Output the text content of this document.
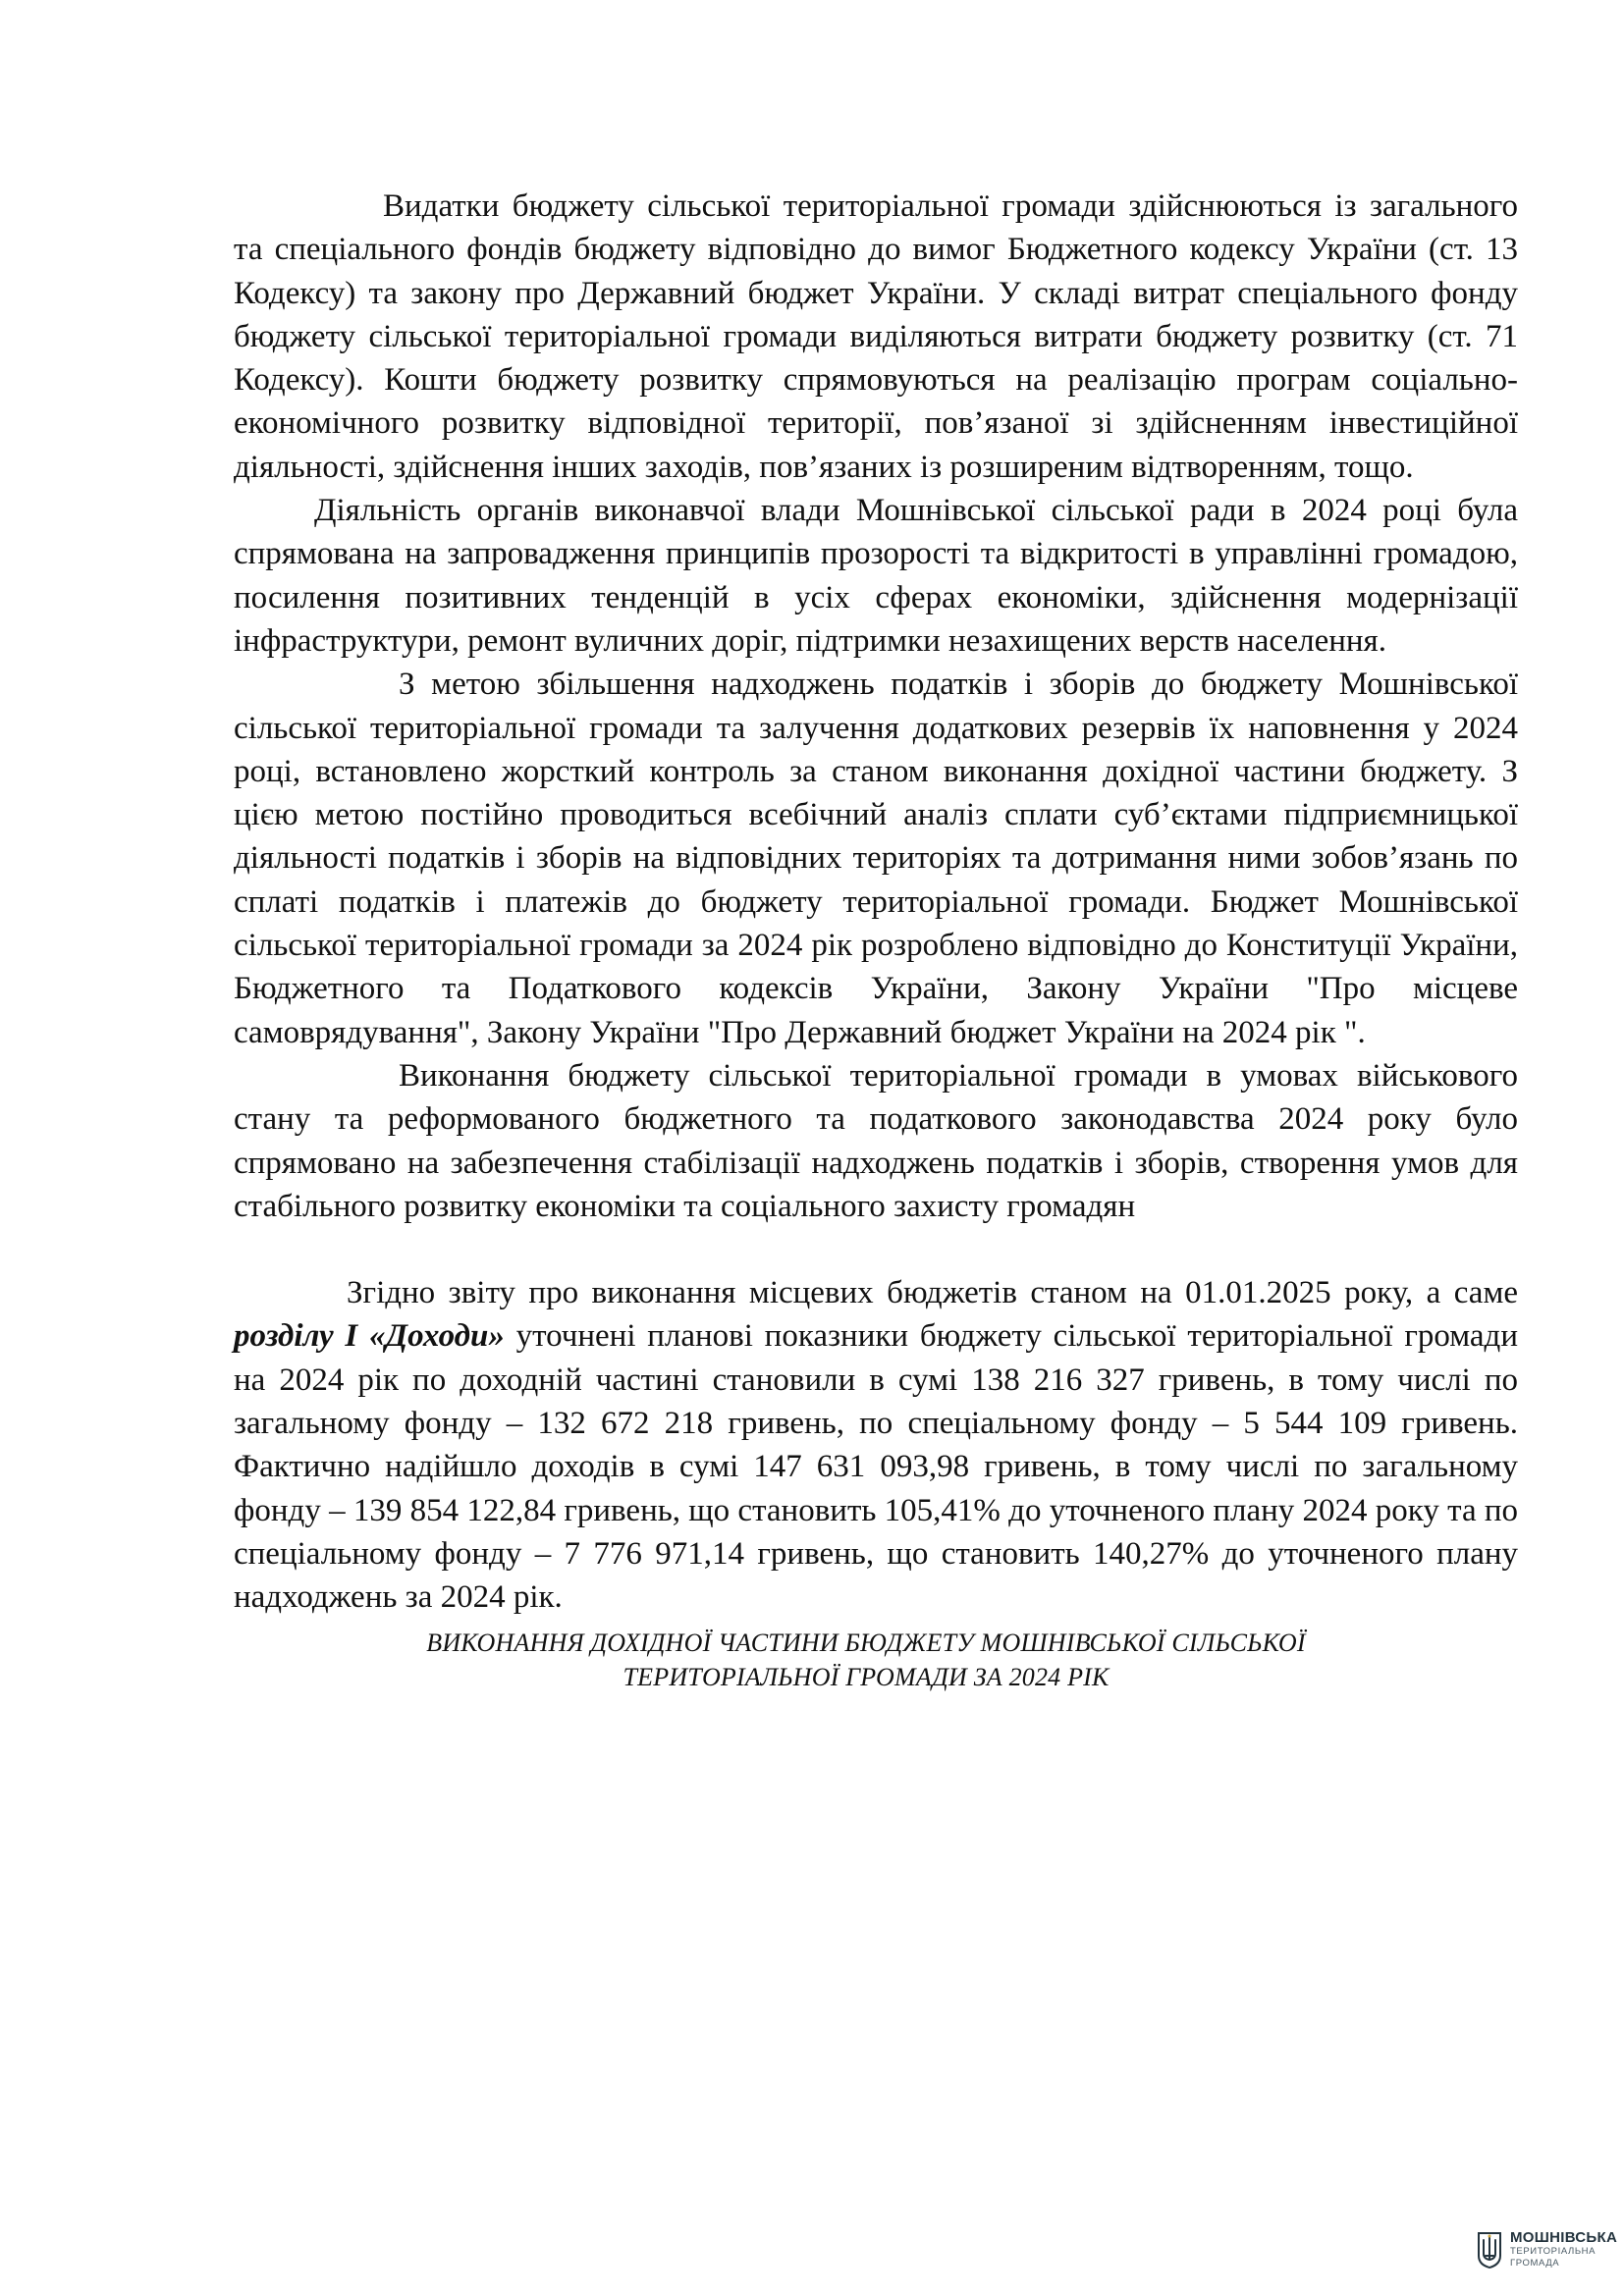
Видатки бюджету сільської територіальної громади здійснюються із загального та спеціального фондів бюджету відповідно до вимог Бюджетного кодексу України (ст. 13 Кодексу) та закону про Державний бюджет України. У складі витрат спеціального фонду бюджету сільської територіальної громади виділяються витрати бюджету розвитку (ст. 71 Кодексу). Кошти бюджету розвитку спрямовуються на реалізацію програм соціально-економічного розвитку відповідної території, пов’язаної зі здійсненням інвестиційної діяльності, здійснення інших заходів, пов’язаних із розширеним відтворенням, тощо.

Діяльність органів виконавчої влади Мошнівської сільської ради в 2024 році була спрямована на запровадження принципів прозорості та відкритості в управлінні громадою, посилення позитивних тенденцій в усіх сферах економіки, здійснення модернізації інфраструктури, ремонт вуличних доріг, підтримки незахищених верств населення.

З метою збільшення надходжень податків і зборів до бюджету Мошнівської сільської територіальної громади та залучення додаткових резервів їх наповнення у 2024 році, встановлено жорсткий контроль за станом виконання дохідної частини бюджету. З цією метою постійно проводиться всебічний аналіз сплати суб’єктами підприємницької діяльності податків і зборів на відповідних територіях та дотримання ними зобов’язань по сплаті податків і платежів до бюджету територіальної громади. Бюджет Мошнівської сільської територіальної громади за 2024 рік розроблено відповідно до Конституції України, Бюджетного та Податкового кодексів України, Закону України "Про місцеве самоврядування", Закону України "Про Державний бюджет України на 2024 рік ".

Виконання бюджету сільської територіальної громади в умовах військового стану та реформованого бюджетного та податкового законодавства 2024 року було спрямовано на забезпечення стабілізації надходжень податків і зборів, створення умов для стабільного розвитку економіки та соціального захисту громадян

Згідно звіту про виконання місцевих бюджетів станом на 01.01.2025 року, а саме розділу І «Доходи» уточнені планові показники бюджету сільської територіальної громади на 2024 рік по доходній частині становили в сумі 138 216 327 гривень, в тому числі по загальному фонду – 132 672 218 гривень, по спеціальному фонду – 5 544 109 гривень. Фактично надійшло доходів в сумі 147 631 093,98 гривень, в тому числі по загальному фонду – 139 854 122,84 гривень, що становить 105,41% до уточненого плану 2024 року та по спеціальному фонду – 7 776 971,14 гривень, що становить 140,27% до уточненого плану надходжень за 2024 рік.

ВИКОНАННЯ ДОХІДНОЇ ЧАСТИНИ БЮДЖЕТУ МОШНІВСЬКОЇ СІЛЬСЬКОЇ
ТЕРИТОРІАЛЬНОЇ ГРОМАДИ ЗА 2024 РІК
МОШНІВСЬКА
ТЕРИТОРІАЛЬНА
ГРОМАДА
